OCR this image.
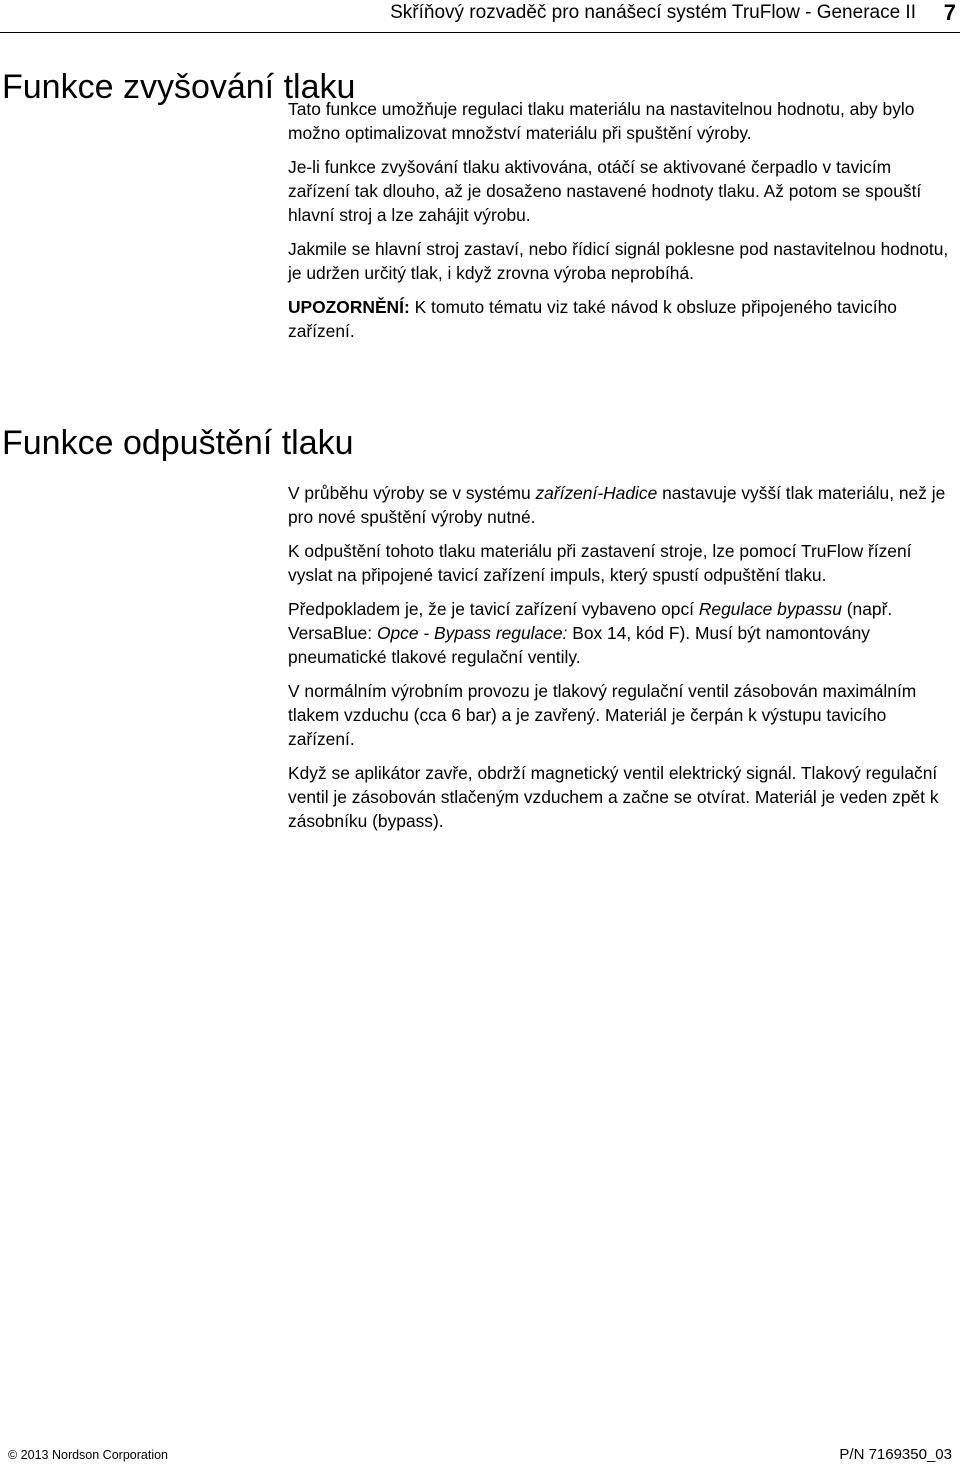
Skříňový rozvaděč pro nanášecí systém TruFlow - Generace II 7
Funkce zvyšování tlaku

Tato funkce umožňuje regulaci tlaku materiálu na nastavitelnou hodnotu, aby bylo možno optimalizovat množství materiálu při spuštění výroby.

Je-li funkce zvyšování tlaku aktivována, otáčí se aktivované čerpadlo v tavicím zařízení tak dlouho, až je dosaženo nastavené hodnoty tlaku. Až potom se spouští hlavní stroj a lze zahájit výrobu.

Jakmile se hlavní stroj zastaví, nebo řídicí signál poklesne pod nastavitelnou hodnotu, je udržen určitý tlak, i když zrovna výroba neprobíhá.

UPOZORNĚNÍ: K tomuto tématu viz také návod k obsluze připojeného tavicího zařízení.

Funkce odpuštění tlaku

V průběhu výroby se v systému zařízení-Hadice nastavuje vyšší tlak materiálu, než je pro nové spuštění výroby nutné.

K odpuštění tohoto tlaku materiálu při zastavení stroje, lze pomocí TruFlow řízení vyslat na připojené tavicí zařízení impuls, který spustí odpuštění tlaku.

Předpokladem je, že je tavicí zařízení vybaveno opcí Regulace bypassu (např. VersaBlue: Opce - Bypass regulace: Box 14, kód F). Musí být namontovány pneumatické tlakové regulační ventily.

V normálním výrobním provozu je tlakový regulační ventil zásobován maximálním tlakem vzduchu (cca 6 bar) a je zavřený. Materiál je čerpán k výstupu tavicího zařízení.

Když se aplikátor zavře, obdrží magnetický ventil elektrický signál. Tlakový regulační ventil je zásobován stlačeným vzduchem a začne se otvírat. Materiál je veden zpět k zásobníku (bypass).

© 2013 Nordson Corporation	P/N 7169350_03
